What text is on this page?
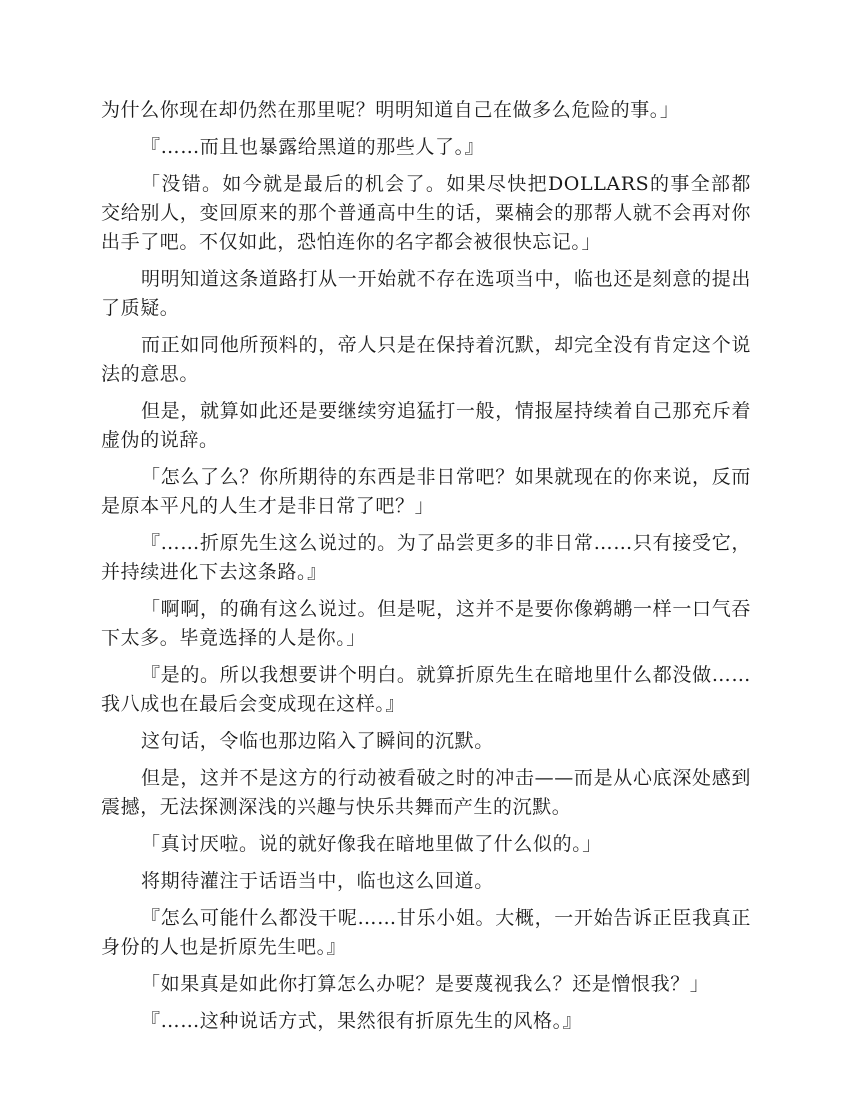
为什么你现在却仍然在那里呢？明明知道自己在做多么危险的事。」

『……而且也暴露给黑道的那些人了。』

「没错。如今就是最后的机会了。如果尽快把DOLLARS的事全部都交给别人，变回原来的那个普通高中生的话，粟楠会的那帮人就不会再对你出手了吧。不仅如此，恐怕连你的名字都会被很快忘记。」

明明知道这条道路打从一开始就不存在选项当中，临也还是刻意的提出了质疑。

而正如同他所预料的，帝人只是在保持着沉默，却完全没有肯定这个说法的意思。

但是，就算如此还是要继续穷追猛打一般，情报屋持续着自己那充斥着虚伪的说辞。

「怎么了么？你所期待的东西是非日常吧？如果就现在的你来说，反而是原本平凡的人生才是非日常了吧？」

『……折原先生这么说过的。为了品尝更多的非日常……只有接受它，并持续进化下去这条路。』

「啊啊，的确有这么说过。但是呢，这并不是要你像鹈鹕一样一口气吞下太多。毕竟选择的人是你。」

『是的。所以我想要讲个明白。就算折原先生在暗地里什么都没做……我八成也在最后会变成现在这样。』

这句话，令临也那边陷入了瞬间的沉默。

但是，这并不是这方的行动被看破之时的冲击——而是从心底深处感到震撼，无法探测深浅的兴趣与快乐共舞而产生的沉默。

「真讨厌啦。说的就好像我在暗地里做了什么似的。」

将期待灌注于话语当中，临也这么回道。

『怎么可能什么都没干呢……甘乐小姐。大概，一开始告诉正臣我真正身份的人也是折原先生吧。』

「如果真是如此你打算怎么办呢？是要蔑视我么？还是憎恨我？」

『……这种说话方式，果然很有折原先生的风格。』
